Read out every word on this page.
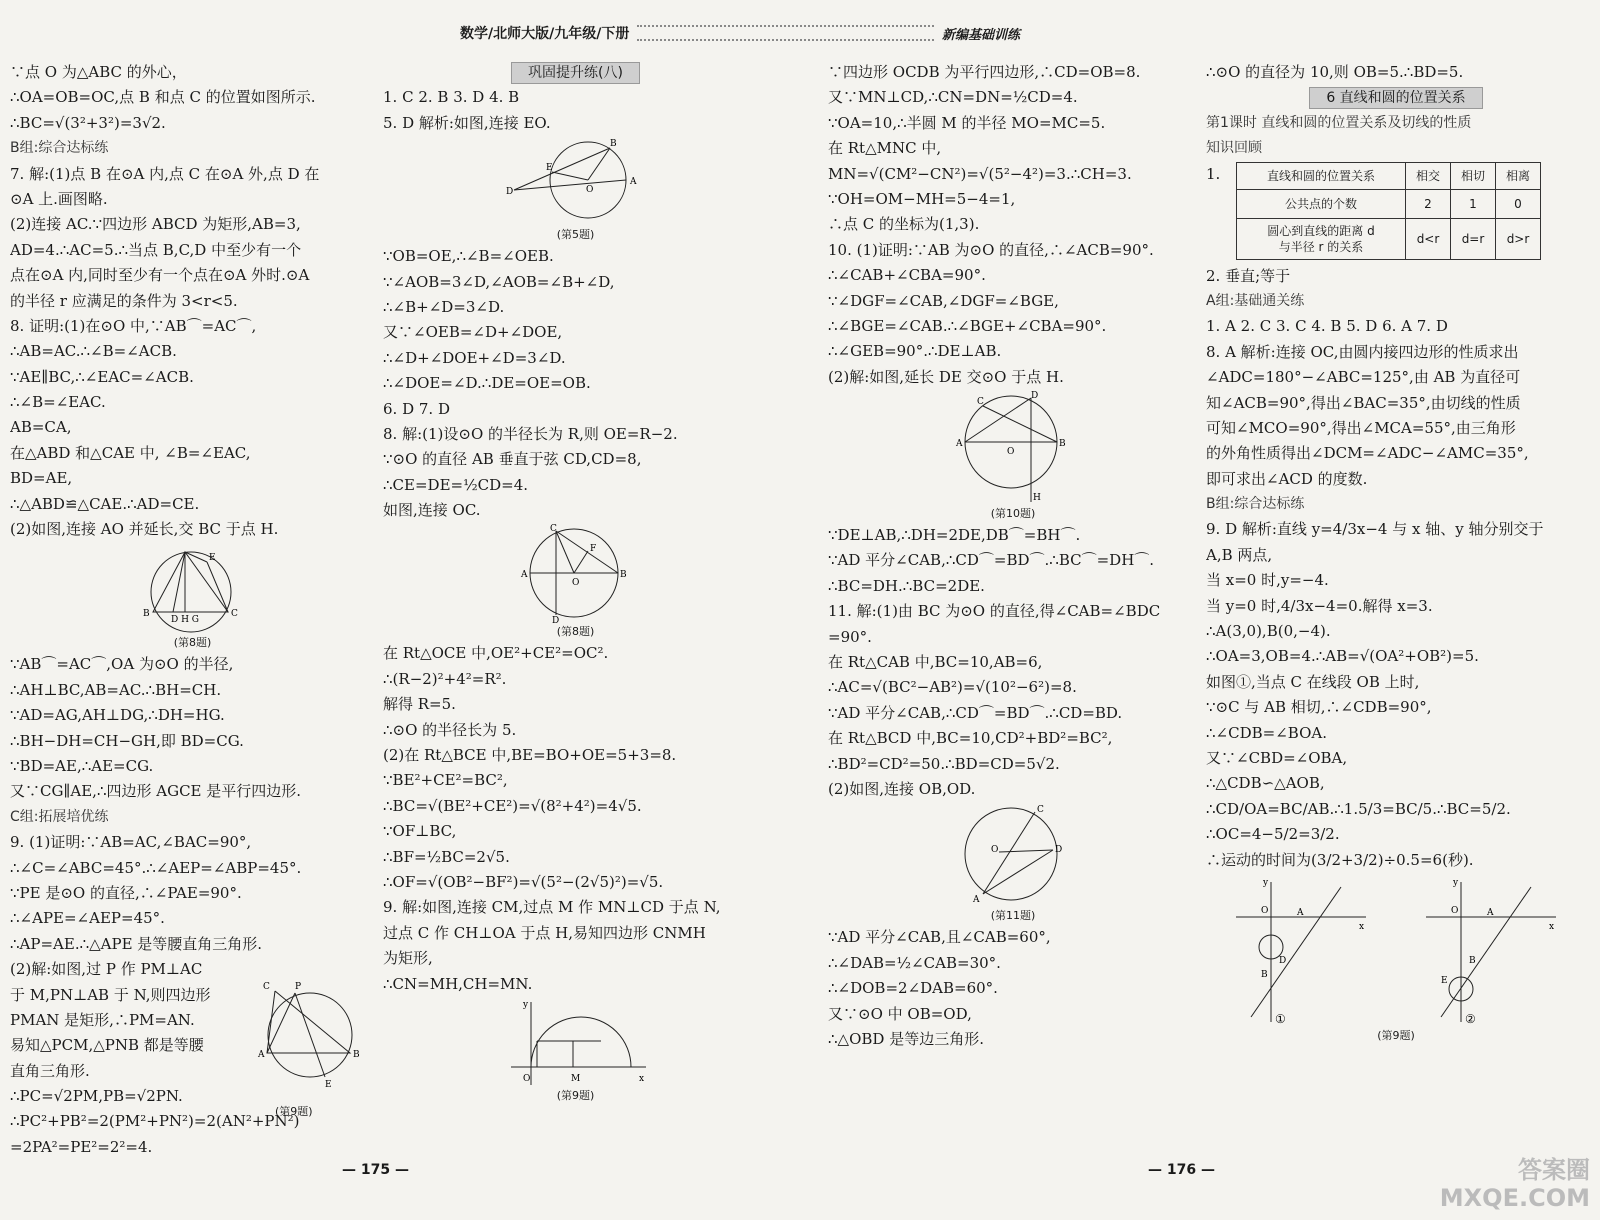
数学/北师大版/九年级/下册	新编基础训练
∵点 O 为△ABC 的外心，
∴OA=OB=OC,点 B 和点 C 的位置如图所示.
∴BC=√(3²+3²)=3√2.
B组:综合达标练
7. 解:(1)点 B 在⊙A 内,点 C 在⊙A 外,点 D 在
⊙A 上.画图略.
(2)连接 AC.∵四边形 ABCD 为矩形,AB=3,
AD=4.∴AC=5.∴当点 B,C,D 中至少有一个
点在⊙A 内,同时至少有一个点在⊙A 外时.⊙A
的半径 r 应满足的条件为 3<r<5.
8. 证明:(1)在⊙O 中,∵AB⌒=AC⌒,
∴AB=AC.∴∠B=∠ACB.
∵AE∥BC,∴∠EAC=∠ACB.
∴∠B=∠EAC.
AB=CA,
在△ABD 和△CAE 中, ∠B=∠EAC,
BD=AE,
∴△ABD≌△CAE.∴AD=CE.
(2)如图,连接 AO 并延长,交 BC 于点 H.
B	C
E
D H G
(第8题)
∵AB⌒=AC⌒,OA 为⊙O 的半径,
∴AH⊥BC,AB=AC.∴BH=CH.
∵AD=AG,AH⊥DG,∴DH=HG.
∴BH−DH=CH−GH,即 BD=CG.
∵BD=AE,∴AE=CG.
又∵CG∥AE,∴四边形 AGCE 是平行四边形.
C组:拓展培优练
9. (1)证明:∵AB=AC,∠BAC=90°,
∴∠C=∠ABC=45°.∴∠AEP=∠ABP=45°.
∵PE 是⊙O 的直径,∴∠PAE=90°.
∴∠APE=∠AEP=45°.
∴AP=AE.∴△APE 是等腰直角三角形.
(2)解:如图,过 P 作 PM⊥AC
于 M,PN⊥AB 于 N,则四边形
PMAN 是矩形,∴PM=AN.
易知△PCM,△PNB 都是等腰
直角三角形.
∴PC=√2PM,PB=√2PN.
∴PC²+PB²=2(PM²+PN²)=2(AN²+PN²)
=2PA²=PE²=2²=4.
C	P
A	B
E
(第9题)
巩固提升练(八)
1. C 2. B 3. D 4. B
5. D 解析:如图,连接 EO.
D
A
B
E
O
(第5题)
∵OB=OE,∴∠B=∠OEB.
∵∠AOB=3∠D,∠AOB=∠B+∠D,
∴∠B+∠D=3∠D.
又∵∠OEB=∠D+∠DOE,
∴∠D+∠DOE+∠D=3∠D.
∴∠DOE=∠D.∴DE=OE=OB.
6. D 7. D
8. 解:(1)设⊙O 的半径长为 R,则 OE=R−2.
∵⊙O 的直径 AB 垂直于弦 CD,CD=8,
∴CE=DE=½CD=4.
如图,连接 OC.
C
A	B
D
F
O
(第8题)
在 Rt△OCE 中,OE²+CE²=OC².
∴(R−2)²+4²=R².
解得 R=5.
∴⊙O 的半径长为 5.
(2)在 Rt△BCE 中,BE=BO+OE=5+3=8.
∵BE²+CE²=BC²,
∴BC=√(BE²+CE²)=√(8²+4²)=4√5.
∵OF⊥BC,
∴BF=½BC=2√5.
∴OF=√(OB²−BF²)=√(5²−(2√5)²)=√5.
9. 解:如图,连接 CM,过点 M 作 MN⊥CD 于点 N,
过点 C 作 CH⊥OA 于点 H,易知四边形 CNMH
为矩形,
∴CN=MH,CH=MN.
O	x
y
M
(第9题)
∵四边形 OCDB 为平行四边形,∴CD=OB=8.
又∵MN⊥CD,∴CN=DN=½CD=4.
∵OA=10,∴半圆 M 的半径 MO=MC=5.
在 Rt△MNC 中,
MN=√(CM²−CN²)=√(5²−4²)=3.∴CH=3.
∵OH=OM−MH=5−4=1,
∴点 C 的坐标为(1,3).
10. (1)证明:∵AB 为⊙O 的直径,∴∠ACB=90°.
∴∠CAB+∠CBA=90°.
∵∠DGF=∠CAB,∠DGF=∠BGE,
∴∠BGE=∠CAB.∴∠BGE+∠CBA=90°.
∴∠GEB=90°.∴DE⊥AB.
(2)解:如图,延长 DE 交⊙O 于点 H.
C
D
A	B
O
H
(第10题)
∵DE⊥AB,∴DH=2DE,DB⌒=BH⌒.
∵AD 平分∠CAB,∴CD⌒=BD⌒.∴BC⌒=DH⌒.
∴BC=DH.∴BC=2DE.
11. 解:(1)由 BC 为⊙O 的直径,得∠CAB=∠BDC
=90°.
在 Rt△CAB 中,BC=10,AB=6,
∴AC=√(BC²−AB²)=√(10²−6²)=8.
∵AD 平分∠CAB,∴CD⌒=BD⌒.∴CD=BD.
在 Rt△BCD 中,BC=10,CD²+BD²=BC²,
∴BD²=CD²=50.∴BD=CD=5√2.
(2)如图,连接 OB,OD.
C
D
A
O
(第11题)
∵AD 平分∠CAB,且∠CAB=60°,
∴∠DAB=½∠CAB=30°.
∴∠DOB=2∠DAB=60°.
又∵⊙O 中 OB=OD,
∴△OBD 是等边三角形.
∴⊙O 的直径为 10,则 OB=5.∴BD=5.
6 直线和圆的位置关系
第1课时 直线和圆的位置关系及切线的性质
知识回顾
1.	直线和圆的位置关系	相交	相切	相离
公共点的个数	2	1	0

圆心到直线的距离 d
与半径 r 的关系	d<r	d=r	d>r
2. 垂直;等于
A组:基础通关练
1. A 2. C 3. C 4. B 5. D 6. A 7. D
8. A 解析:连接 OC,由圆内接四边形的性质求出
∠ADC=180°−∠ABC=125°,由 AB 为直径可
知∠ACB=90°,得出∠BAC=35°,由切线的性质
可知∠MCO=90°,得出∠MCA=55°,由三角形
的外角性质得出∠DCM=∠ADC−∠AMC=35°,
即可求出∠ACD 的度数.
B组:综合达标练
9. D 解析:直线 y=4/3x−4 与 x 轴、y 轴分别交于
A,B 两点,
当 x=0 时,y=−4.
当 y=0 时,4/3x−4=0.解得 x=3.
∴A(3,0),B(0,−4).
∴OA=3,OB=4.∴AB=√(OA²+OB²)=5.
如图①,当点 C 在线段 OB 上时,
∵⊙C 与 AB 相切,∴∠CDB=90°,
∴∠CDB=∠BOA.
又∵∠CBD=∠OBA,
∴△CDB∽△AOB,
∴CD/OA=BC/AB.∴1.5/3=BC/5.∴BC=5/2.
∴OC=4−5/2=3/2.
∴运动的时间为(3/2+3/2)÷0.5=6(秒).
O
x
y
A
D
B
①
O
x
y
A
B
E
②
(第9题)
— 175 —	— 176 —	答案圈
MXQE.COM
